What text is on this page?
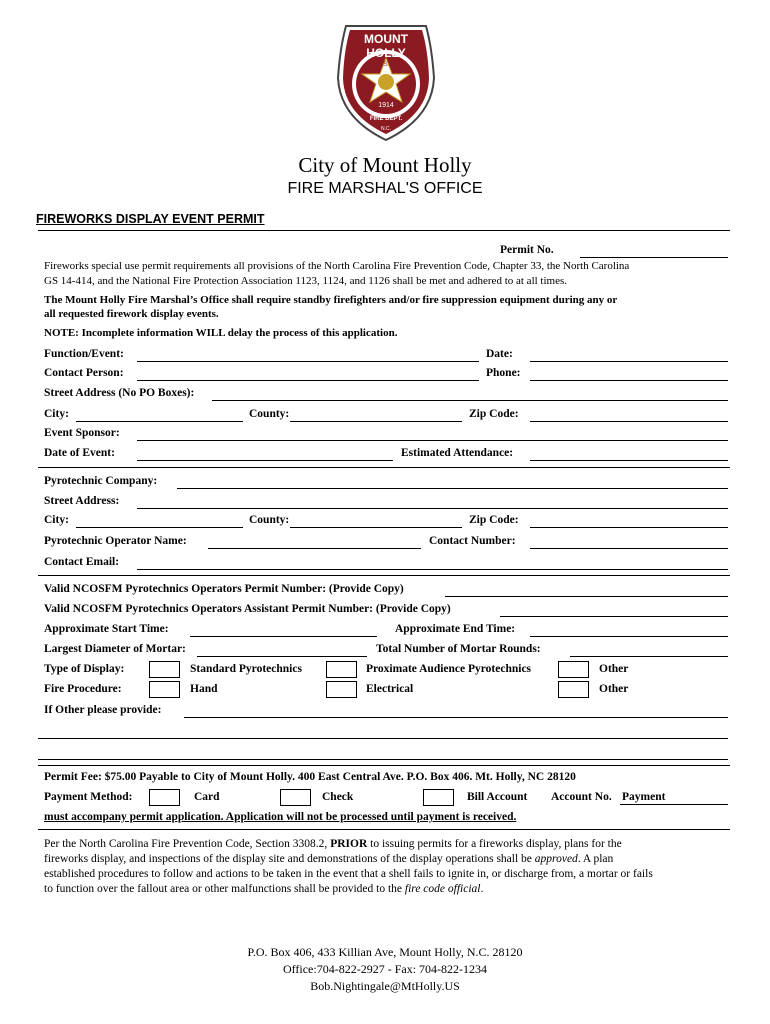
MOUNT HOLLY
EST.
1914
FIRE DEPT.
N.C.
City of Mount Holly
FIRE MARSHAL'S OFFICE
FIREWORKS DISPLAY EVENT PERMIT
Permit No.
Fireworks special use permit requirements all provisions of the North Carolina Fire Prevention Code, Chapter 33, the North Carolina
GS 14-414, and the National Fire Protection Association 1123, 1124, and 1126 shall be met and adhered to at all times.
The Mount Holly Fire Marshal’s Office shall require standby firefighters and/or fire suppression equipment during any or
all requested firework display events.
NOTE: Incomplete information WILL delay the process of this application.
Function/Event:	Date:
Contact Person:	Phone:
Street Address (No PO Boxes):
City:	County:	Zip Code:
Event Sponsor:
Date of Event:	Estimated Attendance:
Pyrotechnic Company:
Street Address:
City:	County:	Zip Code:
Pyrotechnic Operator Name:	Contact Number:
Contact Email:
Valid NCOSFM Pyrotechnics Operators Permit Number: (Provide Copy)
Valid NCOSFM Pyrotechnics Operators Assistant Permit Number: (Provide Copy)
Approximate Start Time:	Approximate End Time:
Largest Diameter of Mortar:	Total Number of Mortar Rounds:
Type of Display:	Standard Pyrotechnics	Proximate Audience Pyrotechnics	Other
Fire Procedure:	Hand	Electrical	Other
If Other please provide:
Permit Fee: $75.00 Payable to City of Mount Holly. 400 East Central Ave. P.O. Box 406. Mt. Holly, NC 28120
Payment Method:	Card	Check	Bill Account Account No. Payment
must accompany permit application. Application will not be processed until payment is received.
Per the North Carolina Fire Prevention Code, Section 3308.2, PRIOR to issuing permits for a fireworks display, plans for the
fireworks display, and inspections of the display site and demonstrations of the display operations shall be approved. A plan
established procedures to follow and actions to be taken in the event that a shell fails to ignite in, or discharge from, a mortar or fails
to function over the fallout area or other malfunctions shall be provided to the fire code official.
P.O. Box 406, 433 Killian Ave, Mount Holly, N.C. 28120
Office:704-822-2927 - Fax: 704-822-1234
Bob.Nightingale@MtHolly.US
